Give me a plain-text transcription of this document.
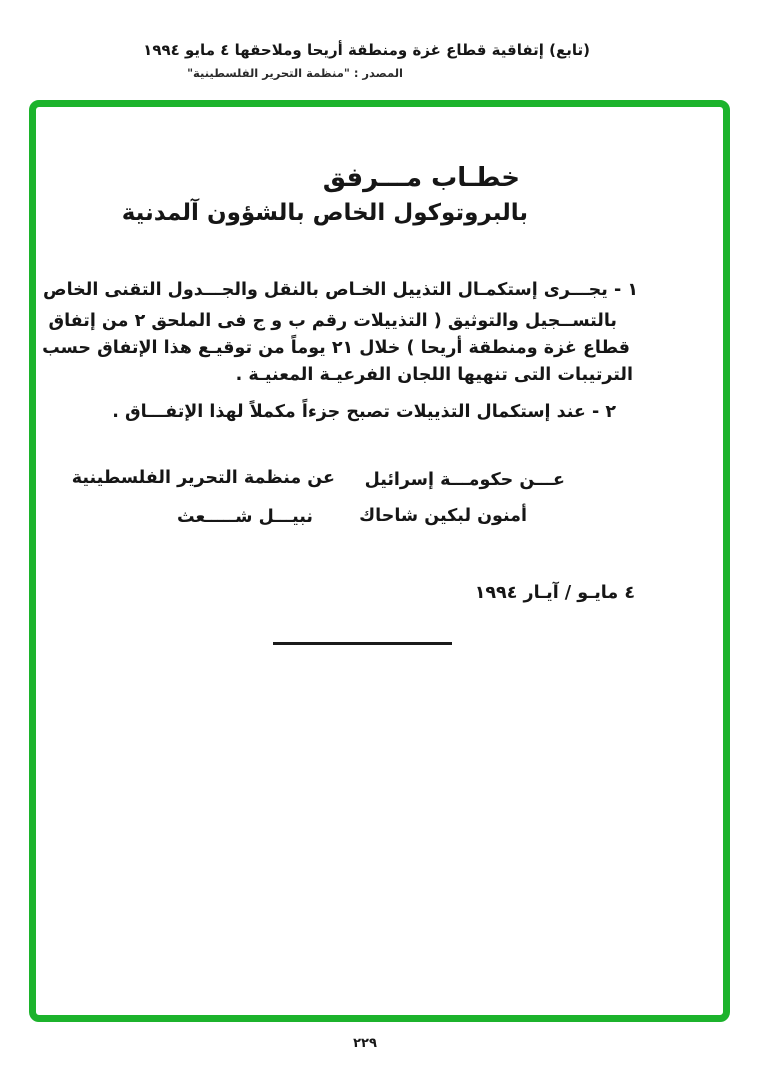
(تابع) إتفاقية قطاع غزة ومنطقة أريحا وملاحقها ٤ مايو ١٩٩٤
المصدر : "منظمة التحرير الفلسطينية"
خطـاب مـــرفق
بالبروتوكول الخاص بالشؤون آلمدنية
١ - يجـــرى إستكمـال التذييل الخـاص بالنقل والجـــدول التقنى الخاص
بالتســجيل والتوثيق ( التذييلات رقم ب و ج فى الملحق ٢ من إتفاق
قطاع غزة ومنطقة أريحا ) خلال ٢١ يوماً من توقيـع هذا الإتفاق حسب
الترتيبات التى تنهيها اللجان الفرعيـة المعنيـة .
٢ - عند إستكمال التذييلات تصبح جزءاً مكملاً لهذا الإتفـــاق .
عـــن حكومـــة إسرائيل
أمنون لبكين شاحاك
عن منظمة التحرير الفلسطينية
نبيـــل شـــــعث
٤ مايـو / آيـار ١٩٩٤
٢٢٩
